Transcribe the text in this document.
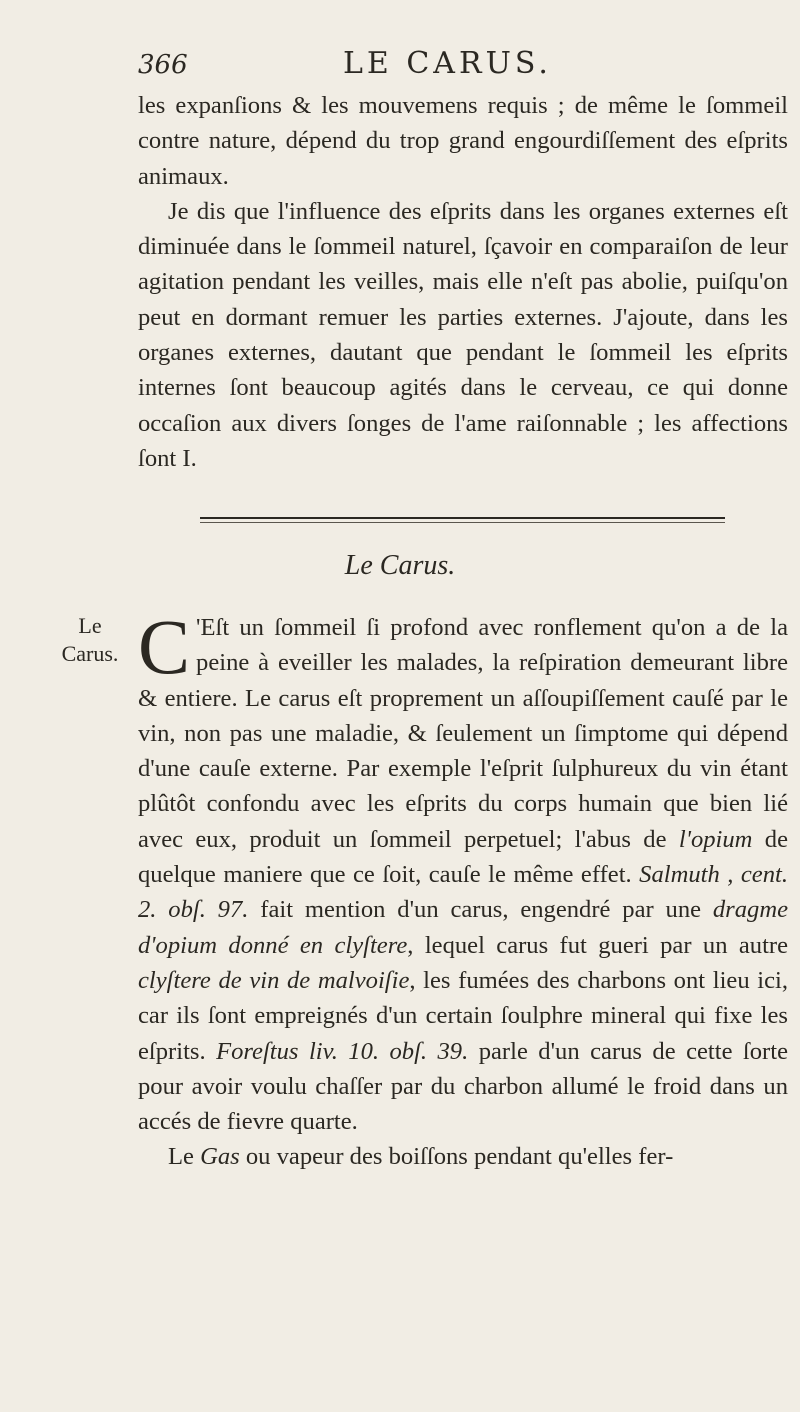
366	LE CARUS.

les expanſions & les mouvemens requis ; de même le ſommeil contre nature, dépend du trop grand engourdiſſement des eſprits animaux.

Je dis que l'influence des eſprits dans les organes externes eſt diminuée dans le ſommeil naturel, ſçavoir en comparaiſon de leur agitation pendant les veilles, mais elle n'eſt pas abolie, puiſqu'on peut en dormant remuer les parties externes. J'ajoute, dans les organes externes, dautant que pendant le ſommeil les eſprits internes ſont beaucoup agités dans le cerveau, ce qui donne occaſion aux divers ſonges de l'ame raiſonnable ; les affections ſont I.

Le Carus.
Le
Carus. C 'Eſt un ſommeil ſi profond avec ronflement qu'on a de la peine à eveiller les malades, la reſpiration demeurant libre & entiere. Le carus eſt proprement un aſſoupiſſement cauſé par le vin, non pas une maladie, & ſeulement un ſimptome qui dépend d'une cauſe externe. Par exemple l'eſprit ſulphureux du vin étant plûtôt confondu avec les eſprits du corps humain que bien lié avec eux, produit un ſommeil perpetuel; l'abus de l'opium de quelque maniere que ce ſoit, cauſe le même effet. Salmuth , cent. 2. obſ. 97. fait mention d'un carus, engendré par une dragme d'opium donné en clyſtere, lequel carus fut gueri par un autre clyſtere de vin de malvoiſie, les fumées des charbons ont lieu ici, car ils ſont empreignés d'un certain ſoulphre mineral qui fixe les eſprits. Foreſtus liv. 10. obſ. 39. parle d'un carus de cette ſorte pour avoir voulu chaſſer par du charbon allumé le froid dans un accés de fievre quarte.

Le Gas ou vapeur des boiſſons pendant qu'elles fer-
